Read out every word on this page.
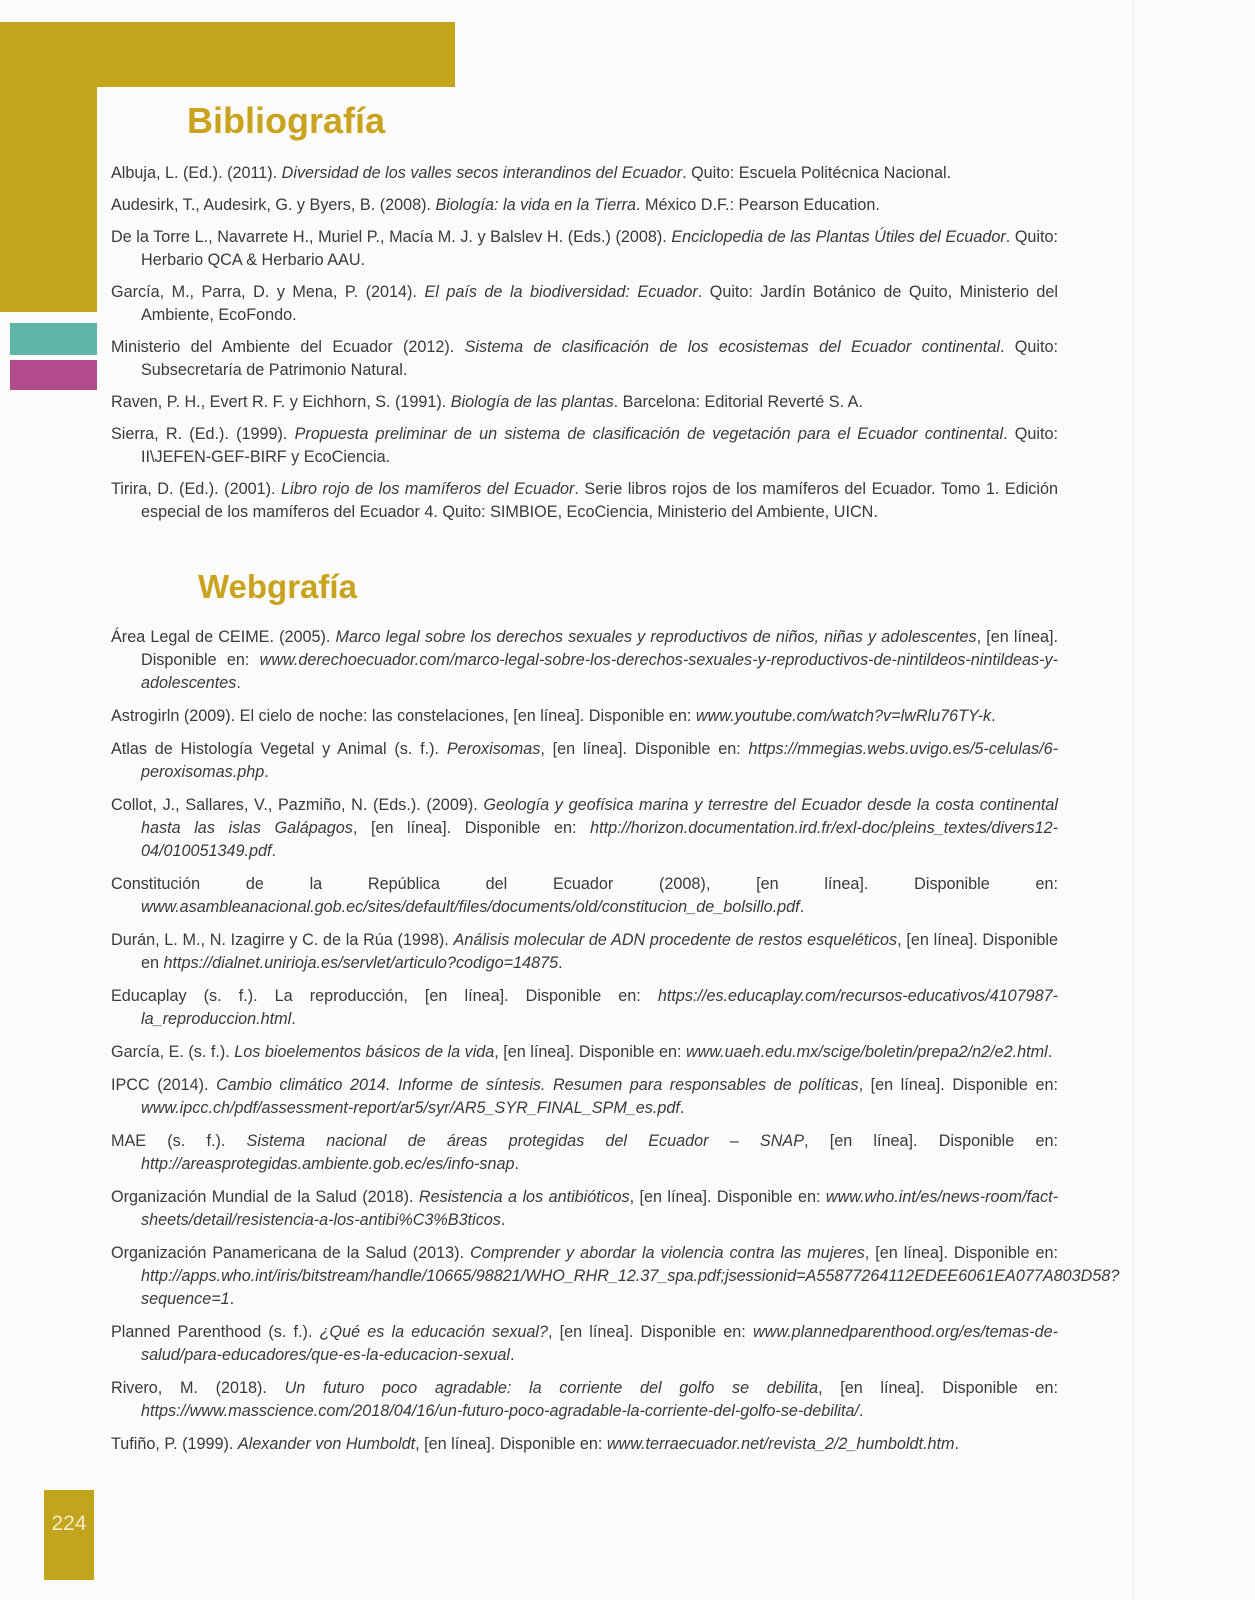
Bibliografía

Albuja, L. (Ed.). (2011). Diversidad de los valles secos interandinos del Ecuador. Quito: Escuela Politécnica Nacional.

Audesirk, T., Audesirk, G. y Byers, B. (2008). Biología: la vida en la Tierra. México D.F.: Pearson Education.

De la Torre L., Navarrete H., Muriel P., Macía M. J. y Balslev H. (Eds.) (2008). Enciclopedia de las Plantas Útiles del Ecuador. Quito: Herbario QCA & Herbario AAU.

García, M., Parra, D. y Mena, P. (2014). El país de la biodiversidad: Ecuador. Quito: Jardín Botánico de Quito, Ministerio del Ambiente, EcoFondo.

Ministerio del Ambiente del Ecuador (2012). Sistema de clasificación de los ecosistemas del Ecuador continental. Quito: Subsecretaría de Patrimonio Natural.

Raven, P. H., Evert R. F. y Eichhorn, S. (1991). Biología de las plantas. Barcelona: Editorial Reverté S. A.

Sierra, R. (Ed.). (1999). Propuesta preliminar de un sistema de clasificación de vegetación para el Ecuador continental. Quito: II\JEFEN-GEF-BIRF y EcoCiencia.

Tirira, D. (Ed.). (2001). Libro rojo de los mamíferos del Ecuador. Serie libros rojos de los mamíferos del Ecuador. Tomo 1. Edición especial de los mamíferos del Ecuador 4. Quito: SIMBIOE, EcoCiencia, Ministerio del Ambiente, UICN.

Webgrafía

Área Legal de CEIME. (2005). Marco legal sobre los derechos sexuales y reproductivos de niños, niñas y adolescentes, [en línea]. Disponible en: www.derechoecuador.com/marco-legal-sobre-los-derechos-sexuales-y-reproductivos-de-nintildeos-nintildeas-y-adolescentes.

Astrogirln (2009). El cielo de noche: las constelaciones, [en línea]. Disponible en: www.youtube.com/watch?v=lwRlu76TY-k.

Atlas de Histología Vegetal y Animal (s. f.). Peroxisomas, [en línea]. Disponible en: https://mmegias.webs.uvigo.es/5-celulas/6-peroxisomas.php.

Collot, J., Sallares, V., Pazmiño, N. (Eds.). (2009). Geología y geofísica marina y terrestre del Ecuador desde la costa continental hasta las islas Galápagos, [en línea]. Disponible en: http://horizon.documentation.ird.fr/exl-doc/pleins_textes/divers12-04/010051349.pdf.

Constitución de la República del Ecuador (2008), [en línea]. Disponible en: www.asambleanacional.gob.ec/sites/default/files/documents/old/constitucion_de_bolsillo.pdf.

Durán, L. M., N. Izagirre y C. de la Rúa (1998). Análisis molecular de ADN procedente de restos esqueléticos, [en línea]. Disponible en https://dialnet.unirioja.es/servlet/articulo?codigo=14875.

Educaplay (s. f.). La reproducción, [en línea]. Disponible en: https://es.educaplay.com/recursos-educativos/4107987-la_reproduccion.html.

García, E. (s. f.). Los bioelementos básicos de la vida, [en línea]. Disponible en: www.uaeh.edu.mx/scige/boletin/prepa2/n2/e2.html.

IPCC (2014). Cambio climático 2014. Informe de síntesis. Resumen para responsables de políticas, [en línea]. Disponible en: www.ipcc.ch/pdf/assessment-report/ar5/syr/AR5_SYR_FINAL_SPM_es.pdf.

MAE (s. f.). Sistema nacional de áreas protegidas del Ecuador – SNAP, [en línea]. Disponible en: http://areasprotegidas.ambiente.gob.ec/es/info-snap.

Organización Mundial de la Salud (2018). Resistencia a los antibióticos, [en línea]. Disponible en: www.who.int/es/news-room/fact-sheets/detail/resistencia-a-los-antibi%C3%B3ticos.

Organización Panamericana de la Salud (2013). Comprender y abordar la violencia contra las mujeres, [en línea]. Disponible en: http://apps.who.int/iris/bitstream/handle/10665/98821/WHO_RHR_12.37_spa.pdf;jsessionid=A55877264112EDEE6061EA077A803D58?sequence=1.

Planned Parenthood (s. f.). ¿Qué es la educación sexual?, [en línea]. Disponible en: www.plannedparenthood.org/es/temas-de-salud/para-educadores/que-es-la-educacion-sexual.

Rivero, M. (2018). Un futuro poco agradable: la corriente del golfo se debilita, [en línea]. Disponible en: https://www.masscience.com/2018/04/16/un-futuro-poco-agradable-la-corriente-del-golfo-se-debilita/.

Tufiño, P. (1999). Alexander von Humboldt, [en línea]. Disponible en: www.terraecuador.net/revista_2/2_humboldt.htm.

224
